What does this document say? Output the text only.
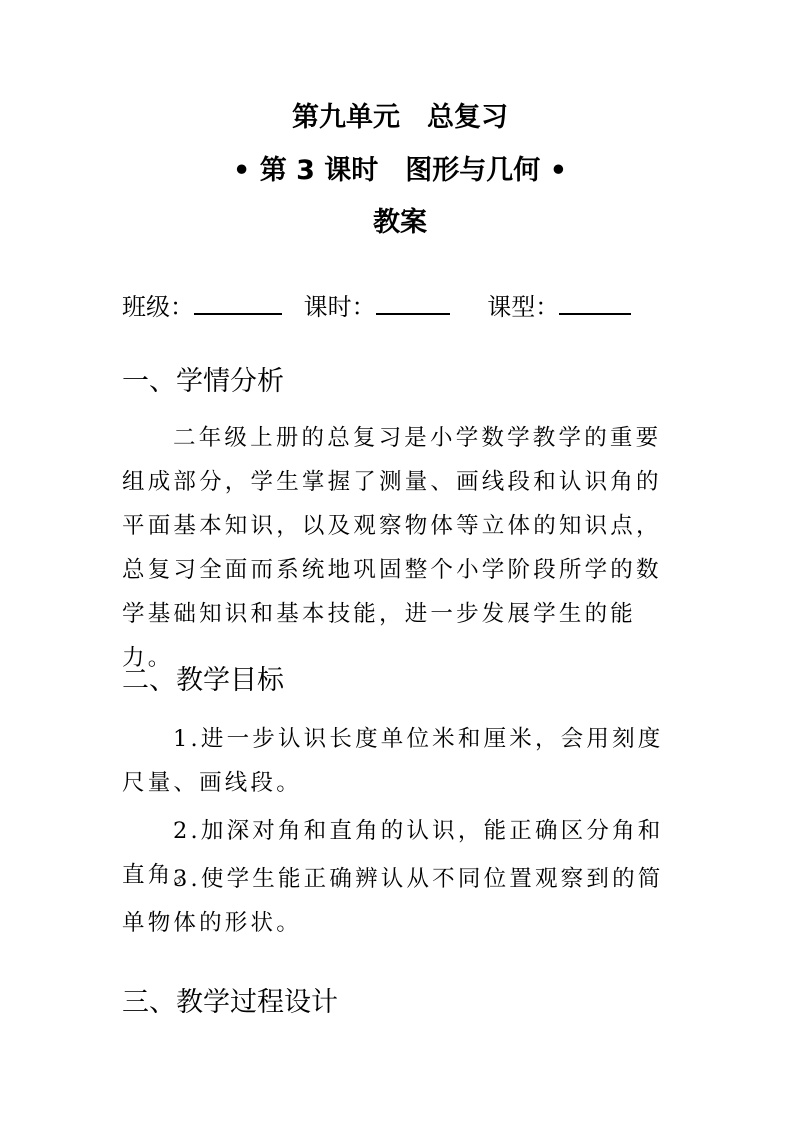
第九单元　总复习
• 第 3 课时　图形与几何 •
教案
班级：	课时：	课型：
一、学情分析
二年级上册的总复习是小学数学教学的重要组成部分，学生掌握了测量、画线段和认识角的平面基本知识，以及观察物体等立体的知识点，总复习全面而系统地巩固整个小学阶段所学的数学基础知识和基本技能，进一步发展学生的能力。
二、教学目标
1.进一步认识长度单位米和厘米，会用刻度尺量、画线段。
2.加深对角和直角的认识，能正确区分角和直角。
3.使学生能正确辨认从不同位置观察到的简单物体的形状。
三、教学过程设计
